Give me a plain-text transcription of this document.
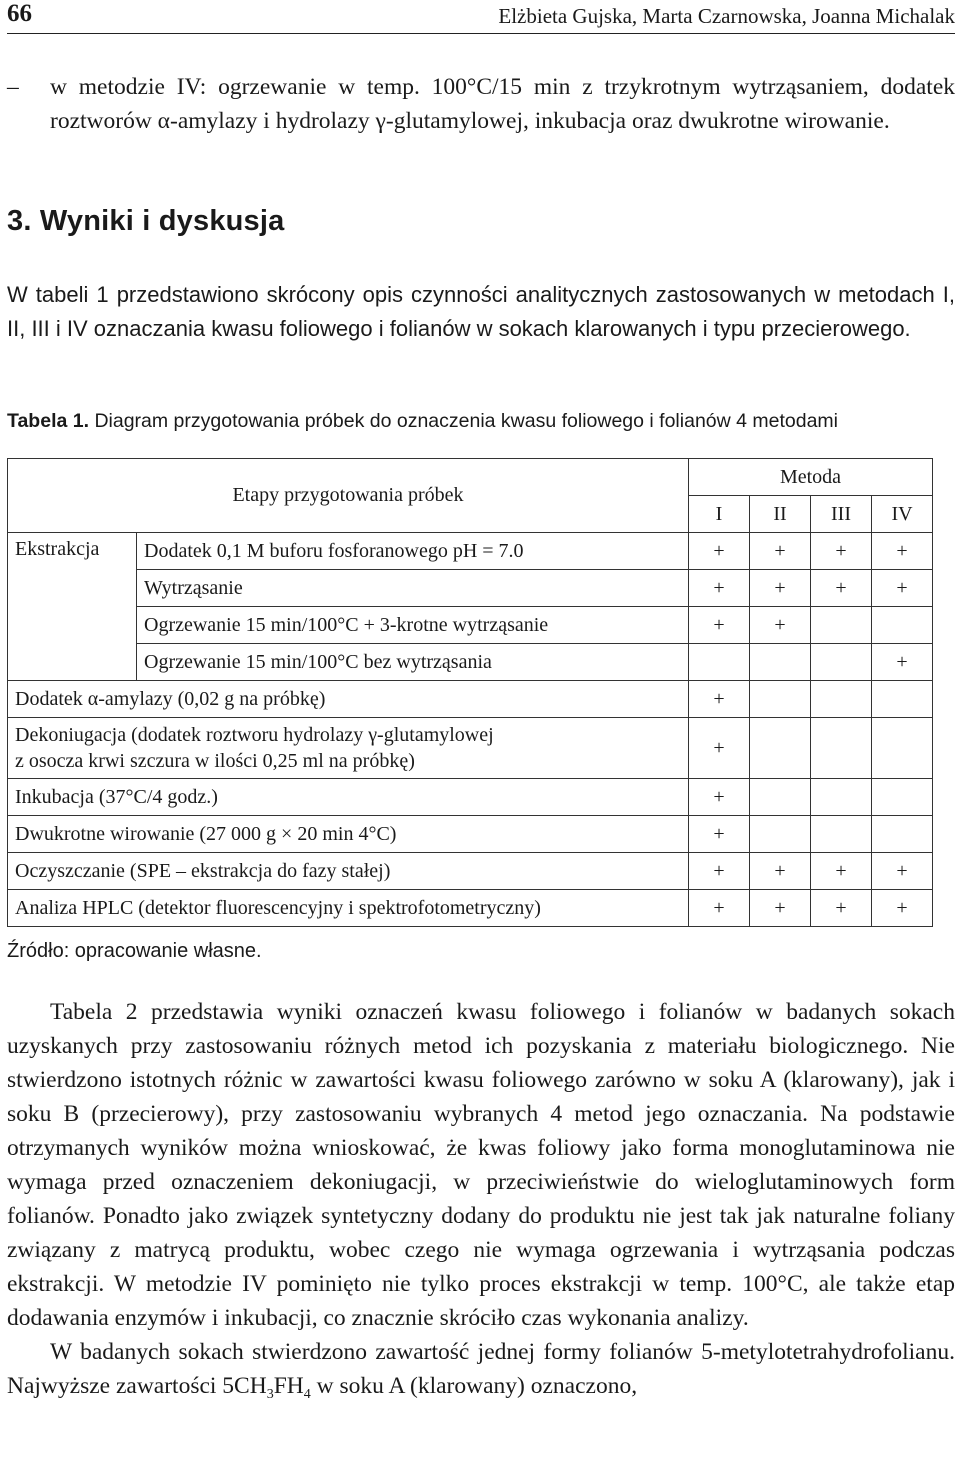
66	Elżbieta Gujska, Marta Czarnowska, Joanna Michalak
– w metodzie IV: ogrzewanie w temp. 100°C/15 min z trzykrotnym wytrząsaniem, dodatek roztworów α-amylazy i hydrolazy γ-glutamylowej, inkubacja oraz dwukrotne wirowanie.
3. Wyniki i dyskusja
W tabeli 1 przedstawiono skrócony opis czynności analitycznych zastosowanych w metodach I, II, III i IV oznaczania kwasu foliowego i folianów w sokach klarowanych i typu przecierowego.
Tabela 1. Diagram przygotowania próbek do oznaczenia kwasu foliowego i folianów 4 metodami
Etapy przygotowania próbek		Metoda			
		I	II	III	IV
Ekstrakcja	Dodatek 0,1 M buforu fosforanowego pH = 7.0	+	+	+	+
	Wytrząsanie	+	+	+	+
	Ogrzewanie 15 min/100°C + 3-krotne wytrząsanie	+	+		
	Ogrzewanie 15 min/100°C bez wytrząsania				+
Dodatek α-amylazy (0,02 g na próbkę)		+			

Dekoniugacja (dodatek roztworu hydrolazy γ-glutamylowej
z osocza krwi szczura w ilości 0,25 ml na próbkę)		+			
Inkubacja (37°C/4 godz.)		+			
Dwukrotne wirowanie (27 000 g × 20 min 4°C)		+			
Oczyszczanie (SPE – ekstrakcja do fazy stałej)		+	+	+	+
Analiza HPLC (detektor fluorescencyjny i spektrofotometryczny)		+	+	+	+
Źródło: opracowanie własne.

Tabela 2 przedstawia wyniki oznaczeń kwasu foliowego i folianów w badanych sokach uzyskanych przy zastosowaniu różnych metod ich pozyskania z materiału biologicznego. Nie stwierdzono istotnych różnic w zawartości kwasu foliowego zarówno w soku A (klarowany), jak i soku B (przecierowy), przy zastosowaniu wybranych 4 metod jego oznaczania. Na podstawie otrzymanych wyników można wnioskować, że kwas foliowy jako forma monoglutaminowa nie wymaga przed oznaczeniem dekoniugacji, w przeciwieństwie do wieloglutaminowych form folianów. Ponadto jako związek syntetyczny dodany do produktu nie jest tak jak naturalne foliany związany z matrycą produktu, wobec czego nie wymaga ogrzewania i wytrząsania podczas ekstrakcji. W metodzie IV pominięto nie tylko proces ekstrakcji w temp. 100°C, ale także etap dodawania enzymów i inkubacji, co znacznie skróciło czas wykonania analizy.

W badanych sokach stwierdzono zawartość jednej formy folianów 5-metylotetrahydrofolianu. Najwyższe zawartości $5CH_3FH_4$ w soku A (klarowany) oznaczono,
